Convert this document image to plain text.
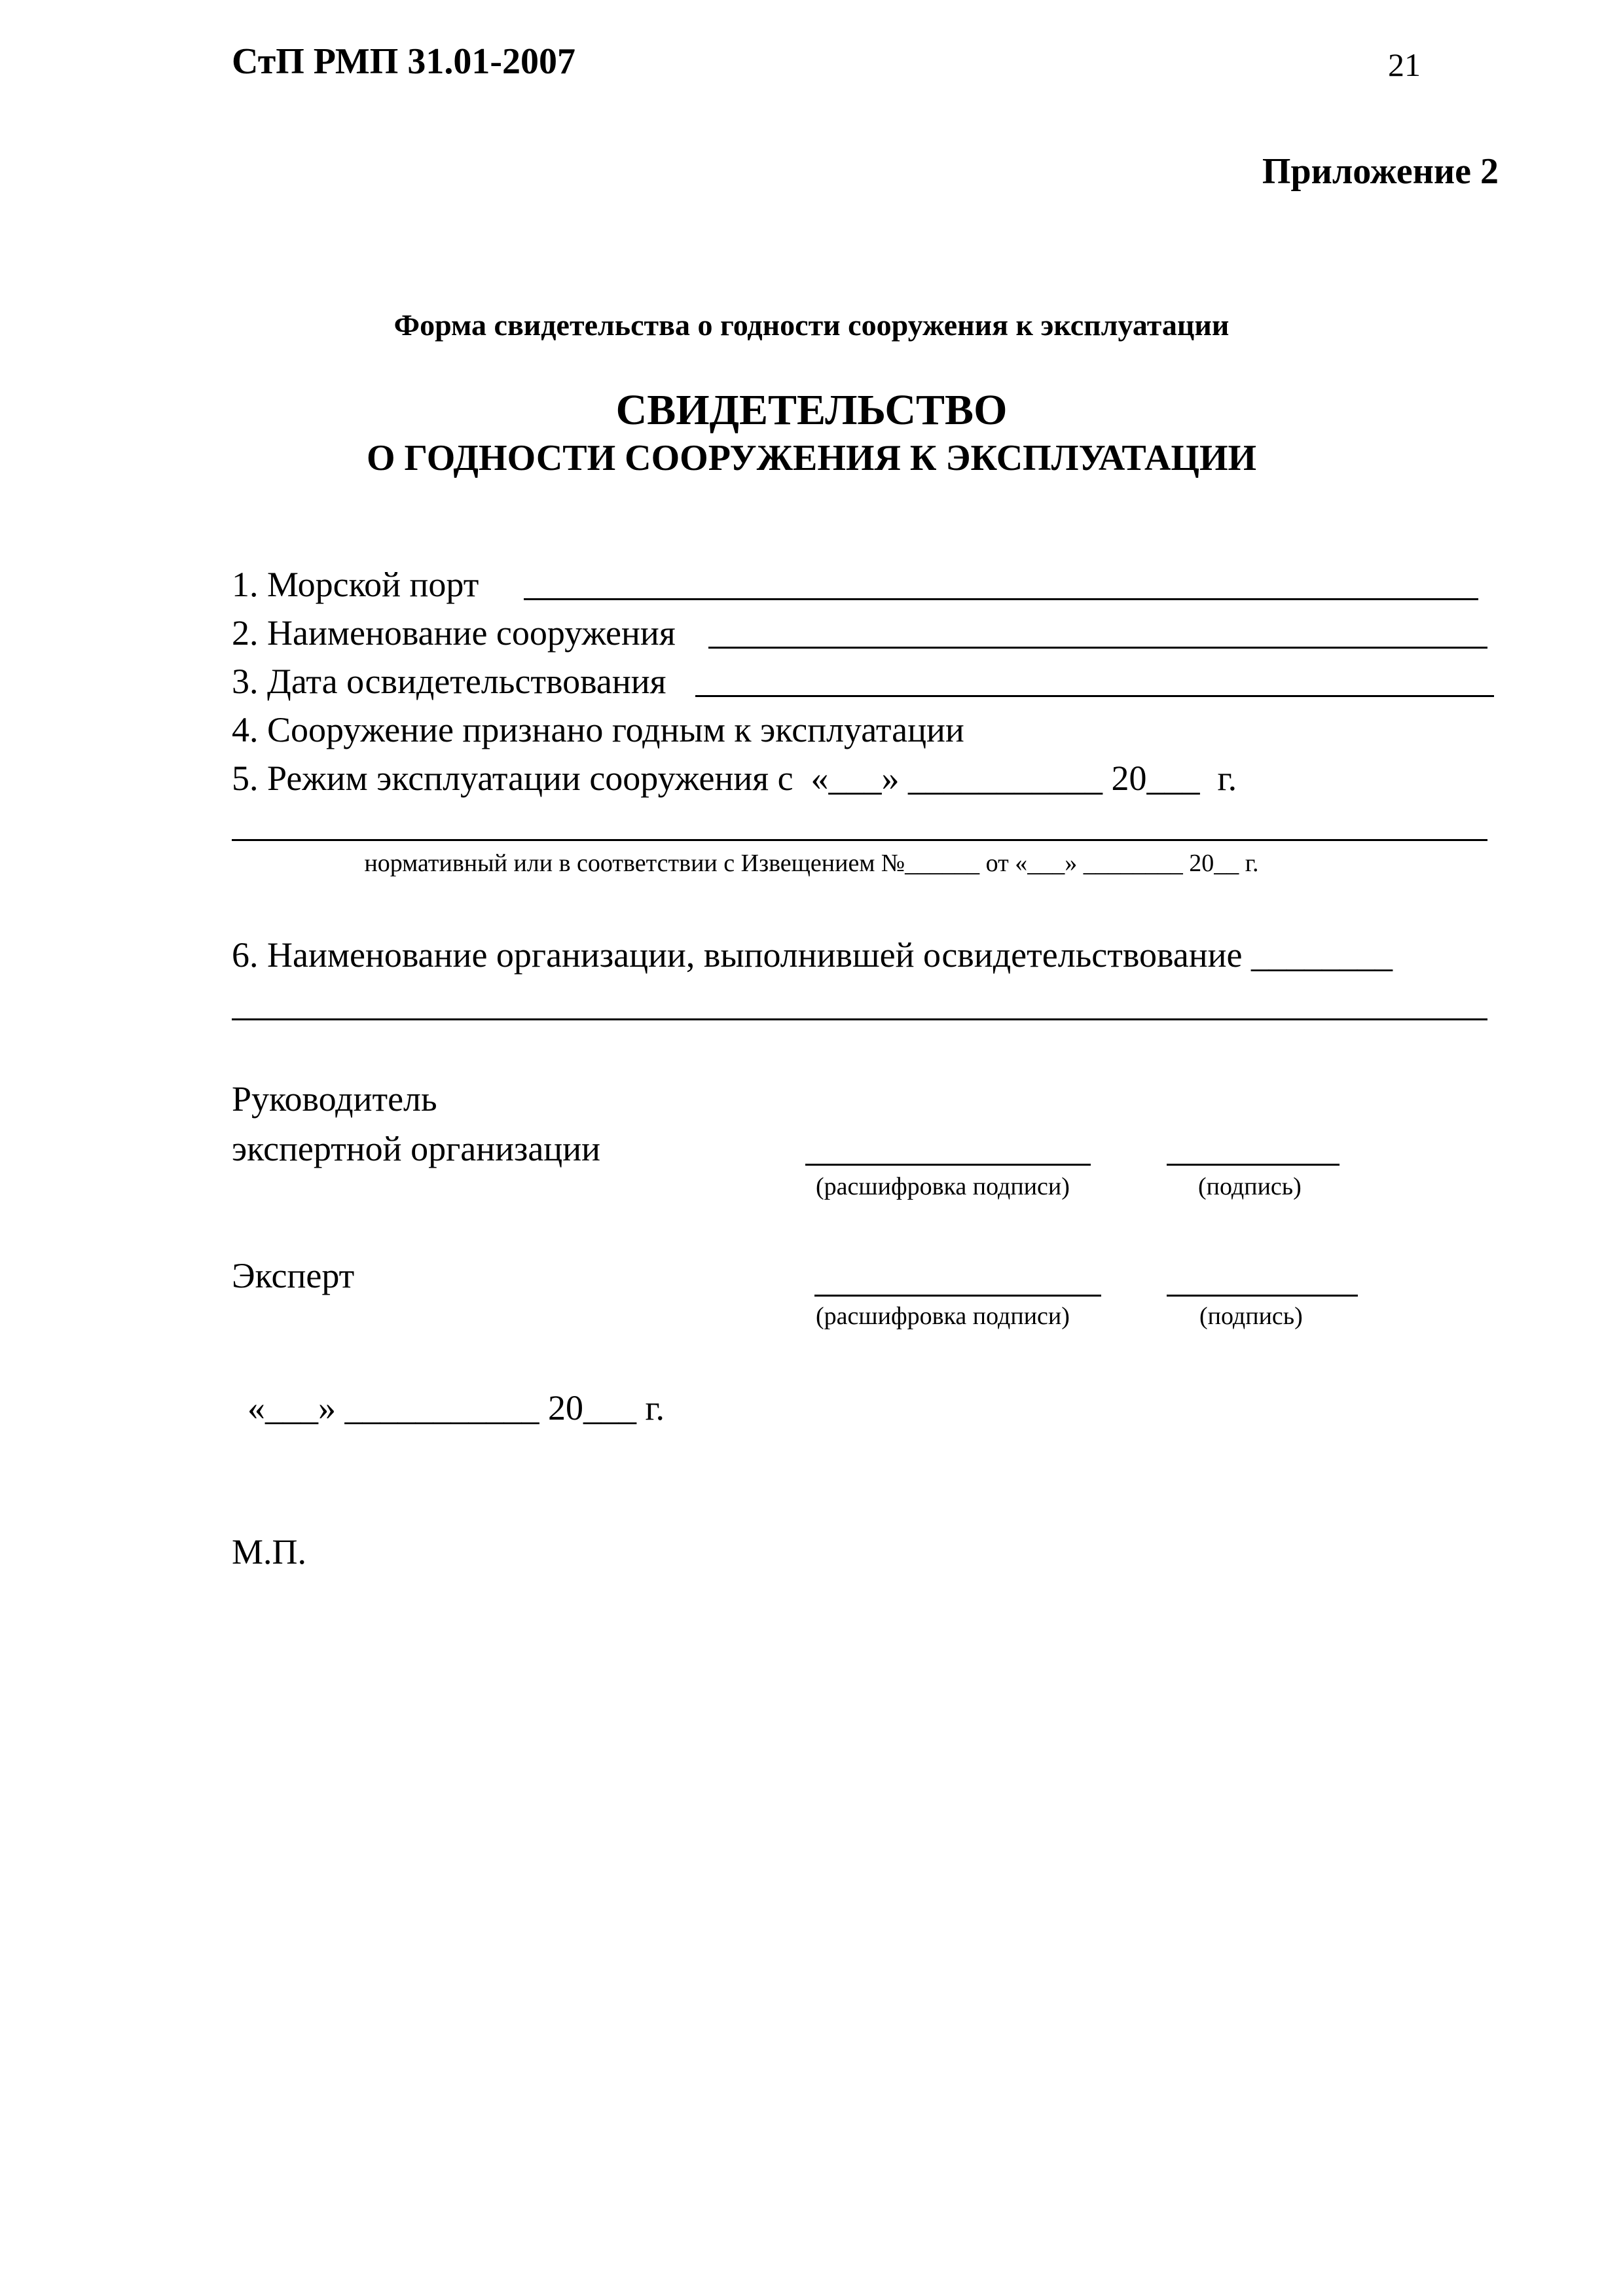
СтП РМП 31.01-2007	21
Приложение 2
Форма свидетельства о годности сооружения к эксплуатации
СВИДЕТЕЛЬСТВО
О ГОДНОСТИ СООРУЖЕНИЯ К ЭКСПЛУАТАЦИИ
1. Морской порт
2. Наименование сооружения
3. Дата освидетельствования
4. Сооружение признано годным к эксплуатации
5. Режим эксплуатации сооружения с  «___» ___________ 20___  г.
нормативный или в соответствии с Извещением №______ от «___» ________ 20__ г.
6. Наименование организации, выполнившей освидетельствование ________
Руководитель
экспертной организации
(расшифровка подписи)	(подпись)
Эксперт
(расшифровка подписи)	(подпись)
«___» ___________ 20___ г.
М.П.
